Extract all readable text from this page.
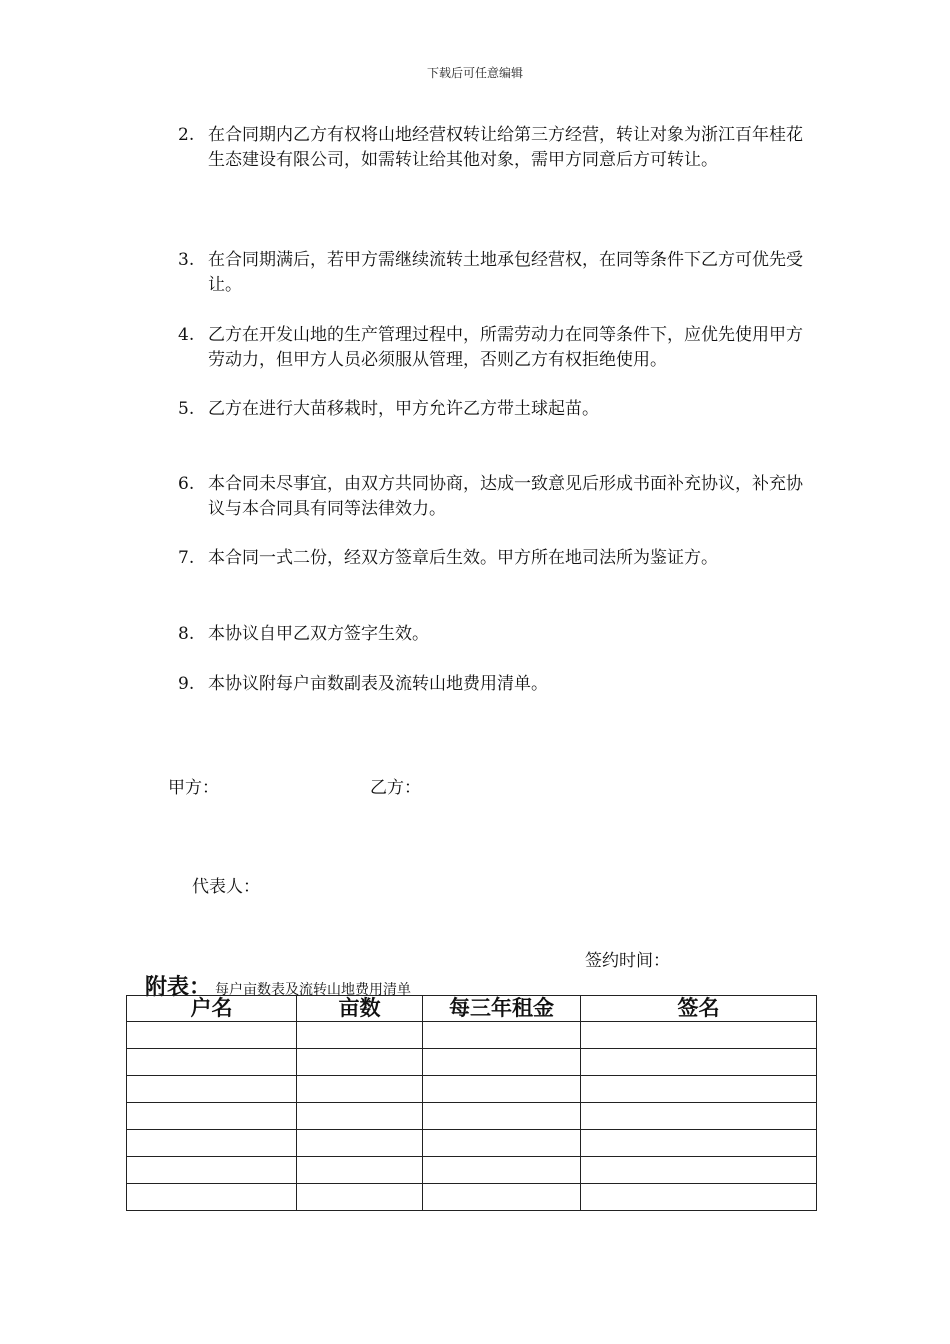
下载后可任意编辑
2. 在合同期内乙方有权将山地经营权转让给第三方经营，转让对象为浙江百年桂花生态建设有限公司，如需转让给其他对象，需甲方同意后方可转让。
3. 在合同期满后，若甲方需继续流转土地承包经营权，在同等条件下乙方可优先受让。
4. 乙方在开发山地的生产管理过程中，所需劳动力在同等条件下，应优先使用甲方劳动力，但甲方人员必须服从管理，否则乙方有权拒绝使用。
5. 乙方在进行大苗移栽时，甲方允许乙方带土球起苗。
6. 本合同未尽事宜，由双方共同协商，达成一致意见后形成书面补充协议，补充协议与本合同具有同等法律效力。
7. 本合同一式二份，经双方签章后生效。甲方所在地司法所为鉴证方。
8. 本协议自甲乙双方签字生效。
9. 本协议附每户亩数副表及流转山地费用清单。
甲方：	乙方：
代表人：
签约时间：
附表： 每户亩数表及流转山地费用清单
户名	亩数	每三年租金	签名
